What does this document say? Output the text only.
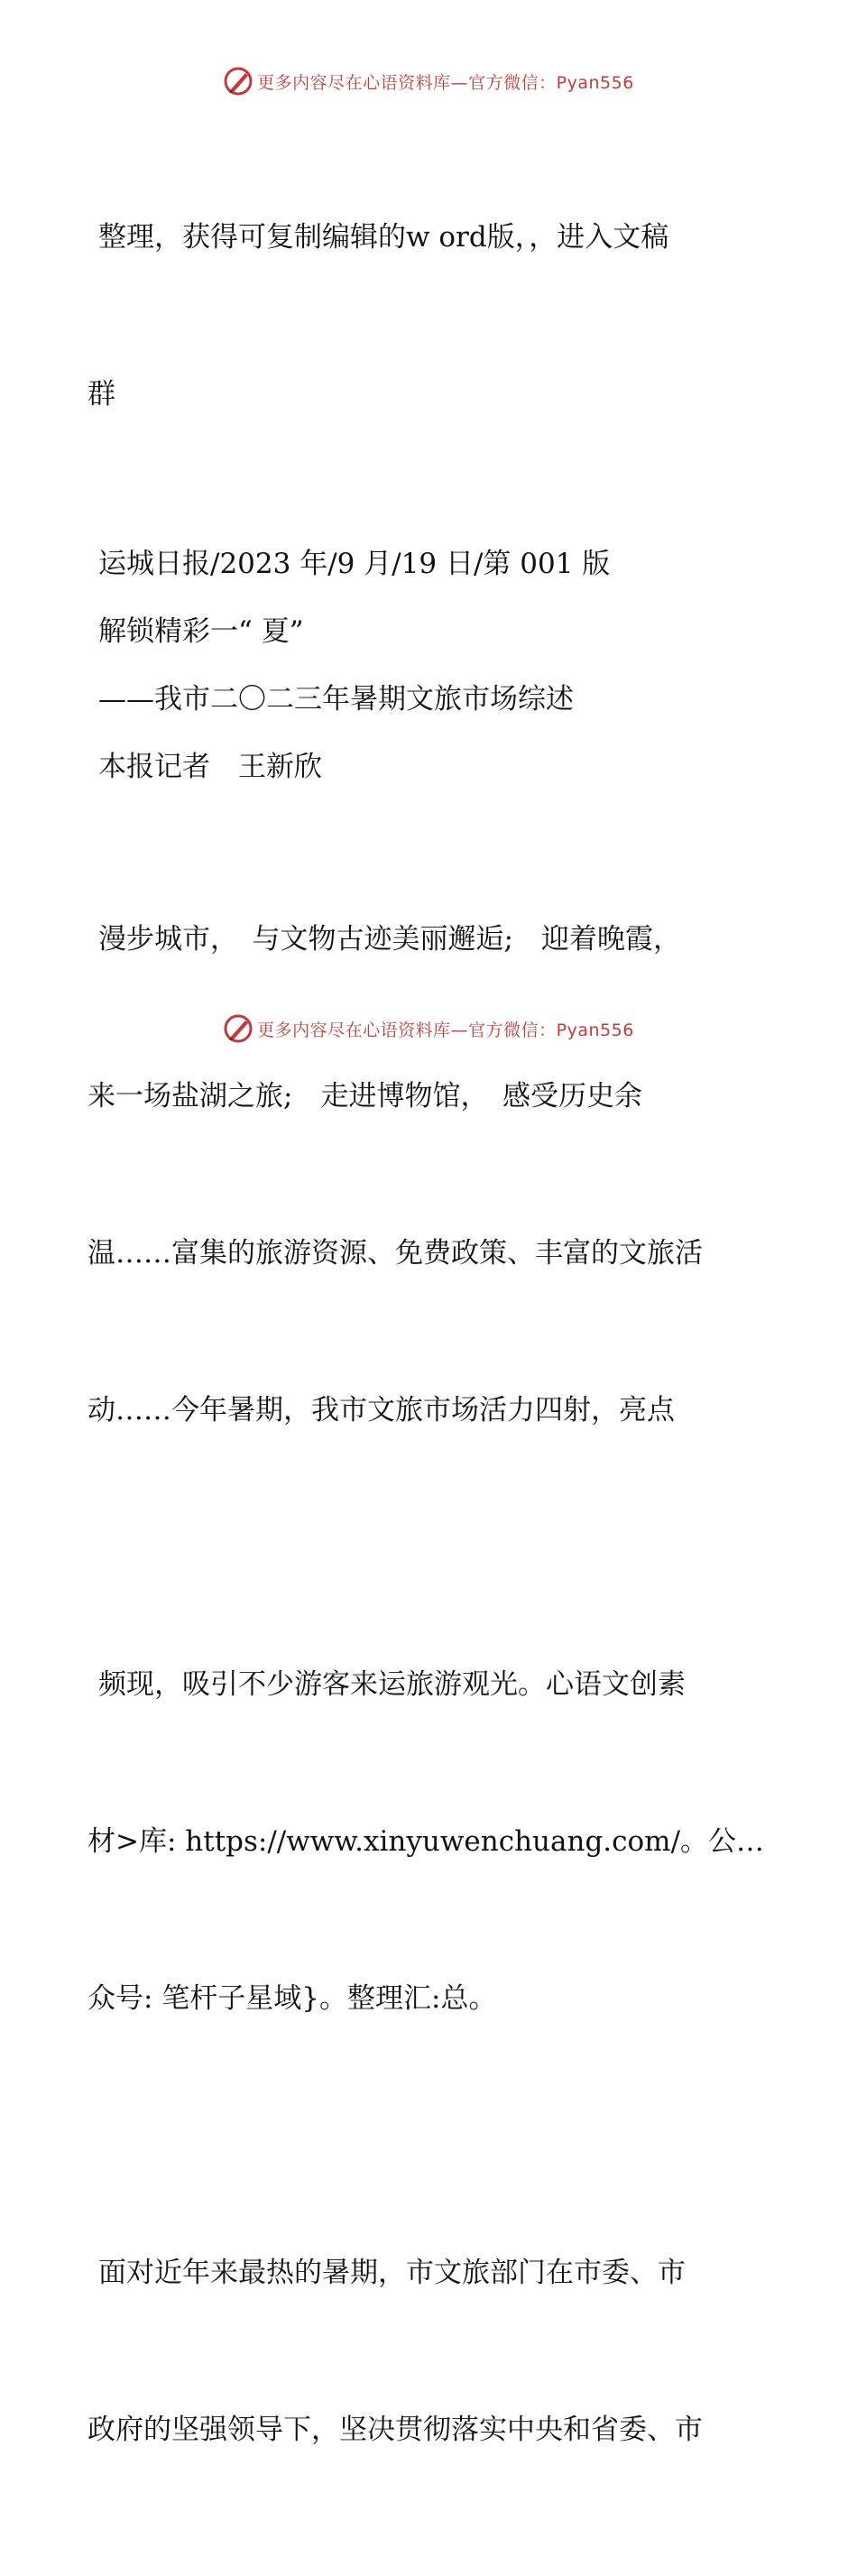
更多内容尽在心语资料库—官方微信：Pyan556

整理，获得可复制编辑的w ord版，，进入文稿

群

运城日报/2023 年/9 月/19 日/第 001 版
解锁精彩一“ 夏”
——我市二〇二三年暑期文旅市场综述
本报记者　王新欣

漫步城市，　与文物古迹美丽邂逅;　迎着晚霞，

来一场盐湖之旅;　走进博物馆，　感受历史余

温……富集的旅游资源、免费政策、丰富的文旅活

动……今年暑期，我市文旅市场活力四射，亮点

频现，吸引不少游客来运旅游观光。心语文创素

材>库: https://www.xinyuwenchuang.com/。公…

众号: 笔杆子星域}。整理汇:总。

面对近年来最热的暑期，市文旅部门在市委、市

政府的坚强领导下，坚决贯彻落实中央和省委、市

更多内容尽在心语资料库—官方微信：Pyan556
